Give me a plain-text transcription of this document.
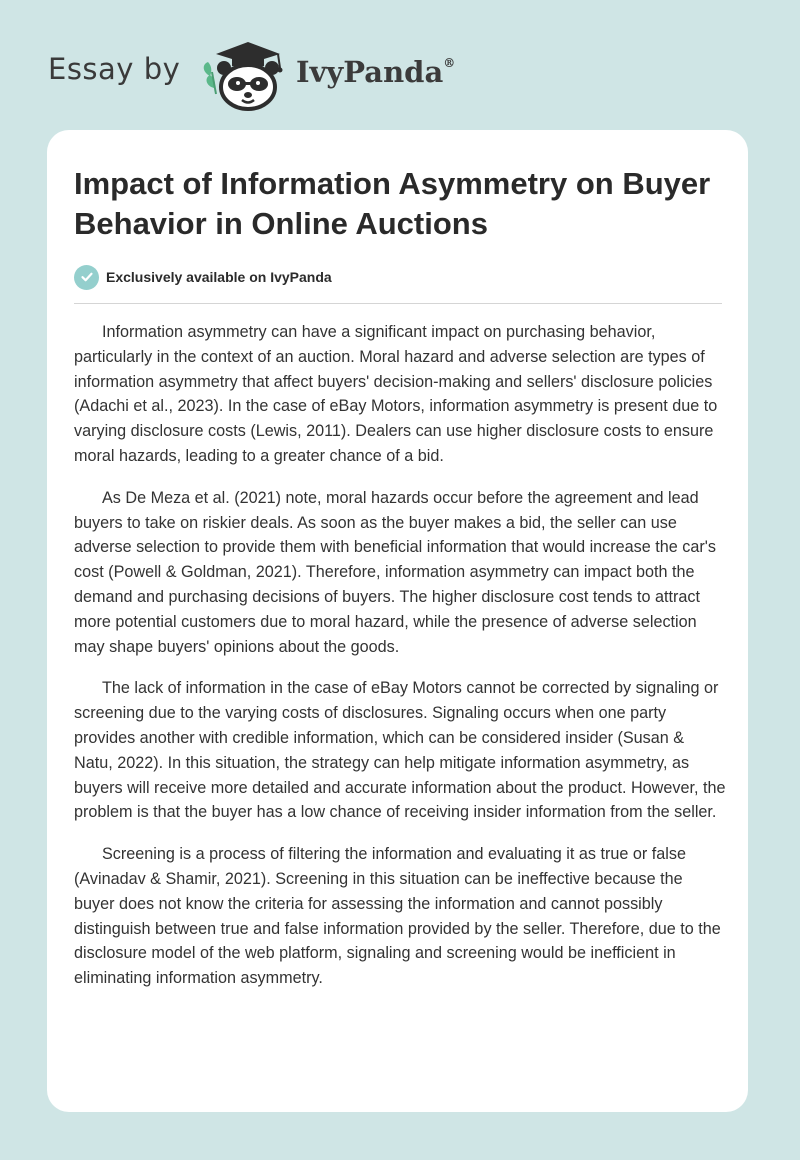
Essay by	IvyPanda®
Impact of Information Asymmetry on Buyer Behavior in Online Auctions
Exclusively available on IvyPanda

Information asymmetry can have a significant impact on purchasing behavior, particularly in the context of an auction. Moral hazard and adverse selection are types of information asymmetry that affect buyers' decision-making and sellers' disclosure policies (Adachi et al., 2023). In the case of eBay Motors, information asymmetry is present due to varying disclosure costs (Lewis, 2011). Dealers can use higher disclosure costs to ensure moral hazards, leading to a greater chance of a bid.

As De Meza et al. (2021) note, moral hazards occur before the agreement and lead buyers to take on riskier deals. As soon as the buyer makes a bid, the seller can use adverse selection to provide them with beneficial information that would increase the car's cost (Powell & Goldman, 2021). Therefore, information asymmetry can impact both the demand and purchasing decisions of buyers. The higher disclosure cost tends to attract more potential customers due to moral hazard, while the presence of adverse selection may shape buyers' opinions about the goods.

The lack of information in the case of eBay Motors cannot be corrected by signaling or screening due to the varying costs of disclosures. Signaling occurs when one party provides another with credible information, which can be considered insider (Susan & Natu, 2022). In this situation, the strategy can help mitigate information asymmetry, as buyers will receive more detailed and accurate information about the product. However, the problem is that the buyer has a low chance of receiving insider information from the seller.

Screening is a process of filtering the information and evaluating it as true or false (Avinadav & Shamir, 2021). Screening in this situation can be ineffective because the buyer does not know the criteria for assessing the information and cannot possibly distinguish between true and false information provided by the seller. Therefore, due to the disclosure model of the web platform, signaling and screening would be inefficient in eliminating information asymmetry.
